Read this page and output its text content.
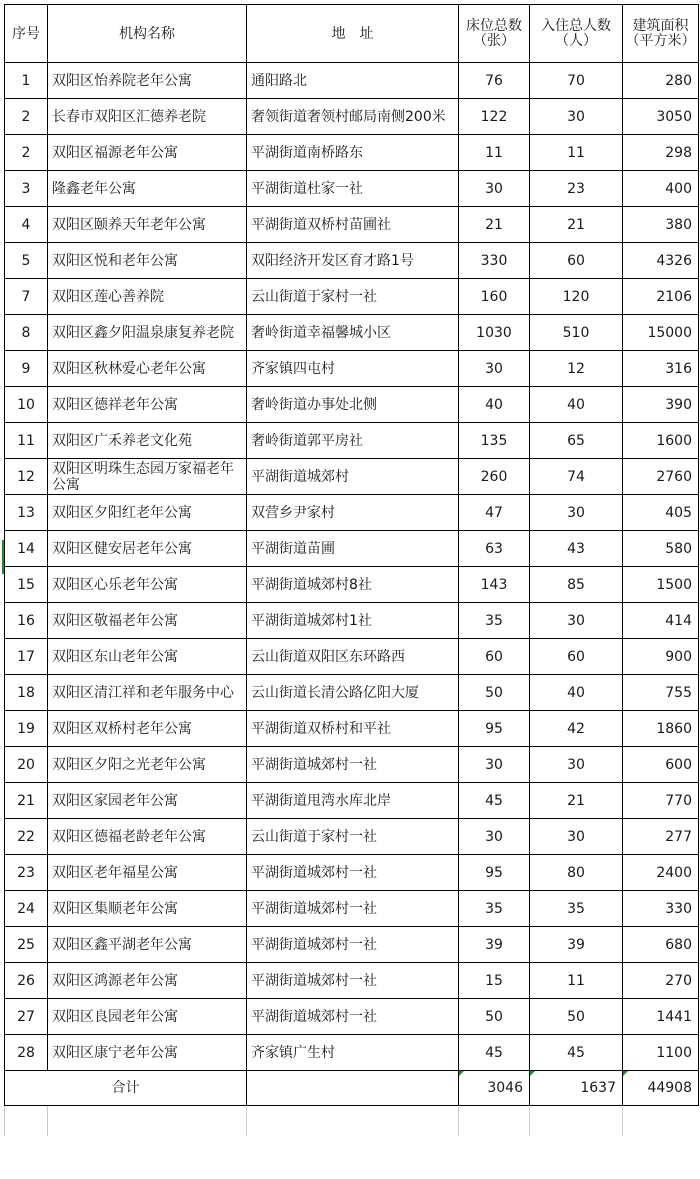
序号	机构名称	地　址	床位总数（张）	入住总人数（人）	建筑面积（平方米）

1	双阳区怡养院老年公寓	通阳路北	76	70	280

2	长春市双阳区汇德养老院	奢领街道奢领村邮局南侧200米	122	30	3050

2	双阳区福源老年公寓	平湖街道南桥路东	11	11	298

3	隆鑫老年公寓	平湖街道杜家一社	30	23	400

4	双阳区颐养天年老年公寓	平湖街道双桥村苗圃社	21	21	380

5	双阳区悦和老年公寓	双阳经济开发区育才路1号	330	60	4326

7	双阳区莲心善养院	云山街道于家村一社	160	120	2106

8	双阳区鑫夕阳温泉康复养老院	奢岭街道幸福馨城小区	1030	510	15000

9	双阳区秋林爱心老年公寓	齐家镇四屯村	30	12	316

10	双阳区德祥老年公寓	奢岭街道办事处北侧	40	40	390

11	双阳区广禾养老文化苑	奢岭街道郭平房社	135	65	1600

12	双阳区明珠生态园万家福老年公寓	平湖街道城郊村	260	74	2760

13	双阳区夕阳红老年公寓	双营乡尹家村	47	30	405

14	双阳区健安居老年公寓	平湖街道苗圃	63	43	580

15	双阳区心乐老年公寓	平湖街道城郊村8社	143	85	1500

16	双阳区敬福老年公寓	平湖街道城郊村1社	35	30	414

17	双阳区东山老年公寓	云山街道双阳区东环路西	60	60	900

18	双阳区清江祥和老年服务中心	云山街道长清公路亿阳大厦	50	40	755

19	双阳区双桥村老年公寓	平湖街道双桥村和平社	95	42	1860

20	双阳区夕阳之光老年公寓	平湖街道城郊村一社	30	30	600

21	双阳区家园老年公寓	平湖街道甩湾水库北岸	45	21	770

22	双阳区德福老龄老年公寓	云山街道于家村一社	30	30	277

23	双阳区老年福星公寓	平湖街道城郊村一社	95	80	2400

24	双阳区集顺老年公寓	平湖街道城郊村一社	35	35	330

25	双阳区鑫平湖老年公寓	平湖街道城郊村一社	39	39	680

26	双阳区鸿源老年公寓	平湖街道城郊村一社	15	11	270

27	双阳区良园老年公寓	平湖街道城郊村一社	50	50	1441

28	双阳区康宁老年公寓	齐家镇广生村	45	45	1100

合计			3046	1637	44908
